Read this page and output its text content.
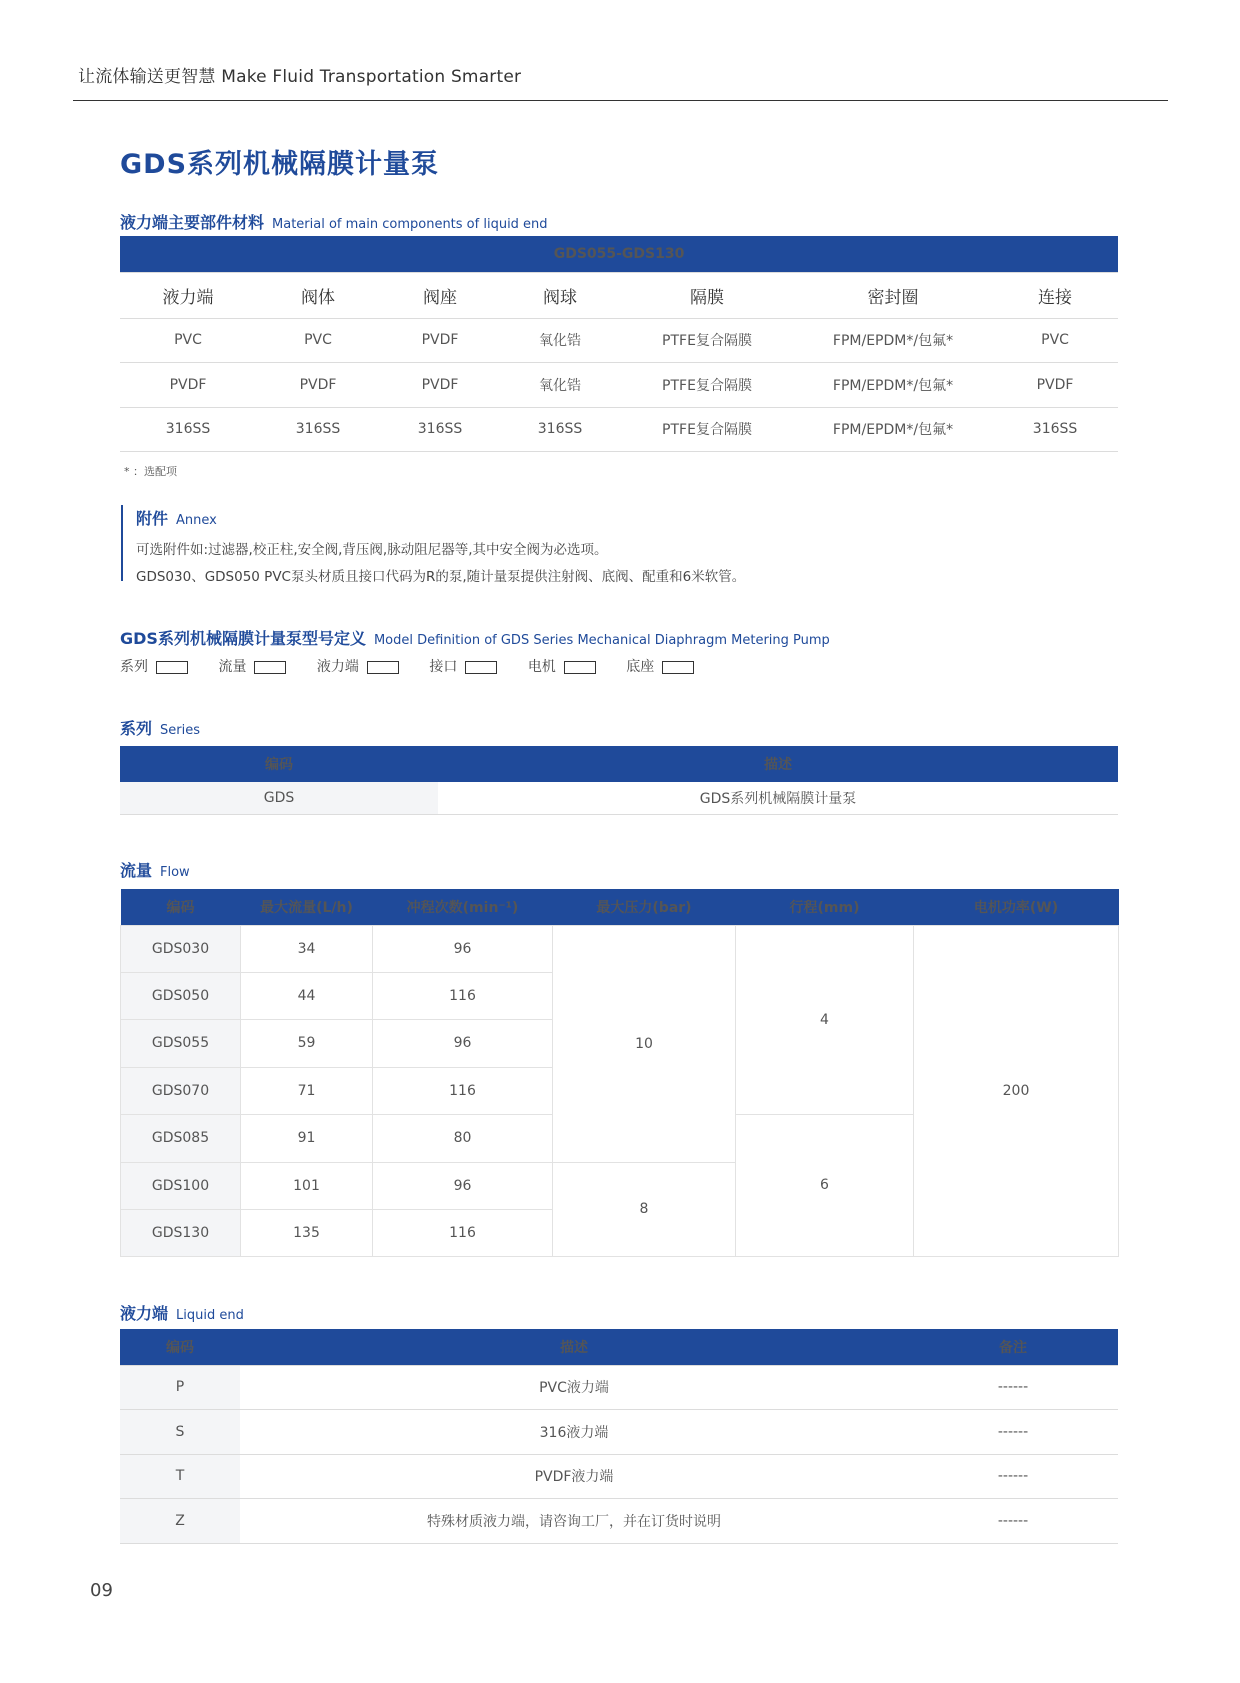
让流体输送更智慧 Make Fluid Transportation Smarter
GDS系列机械隔膜计量泵
液力端主要部件材料 Material of main components of liquid end
GDS055-GDS130						
液力端	阀体	阀座	阀球	隔膜	密封圈	连接
PVC	PVC	PVDF	氧化锆	PTFE复合隔膜	FPM/EPDM*/包氟*	PVC
PVDF	PVDF	PVDF	氧化锆	PTFE复合隔膜	FPM/EPDM*/包氟*	PVDF
316SS	316SS	316SS	316SS	PTFE复合隔膜	FPM/EPDM*/包氟*	316SS
* ：选配项
附件 Annex
可选附件如:过滤器,校正柱,安全阀,背压阀,脉动阻尼器等,其中安全阀为必选项。
GDS030、GDS050 PVC泵头材质且接口代码为R的泵,随计量泵提供注射阀、底阀、配重和6米软管。
GDS系列机械隔膜计量泵型号定义 Model Definition of GDS Series Mechanical Diaphragm Metering Pump
系列	流量	液力端	接口	电机	底座
系列 Series
编码	描述
GDS	GDS系列机械隔膜计量泵
流量 Flow
编码	最大流量(L/h)	冲程次数(min⁻¹)	最大压力(bar)	行程(mm)	电机功率(W)
GDS030	34	96	10	4	200
GDS050	44	116			
GDS055	59	96			
GDS070	71	116			
GDS085	91	80		6	
GDS100	101	96	8		
GDS130	135	116			
液力端 Liquid end
编码	描述	备注
P	PVC液力端	------
S	316液力端	------
T	PVDF液力端	------
Z	特殊材质液力端，请咨询工厂，并在订货时说明	------
09
